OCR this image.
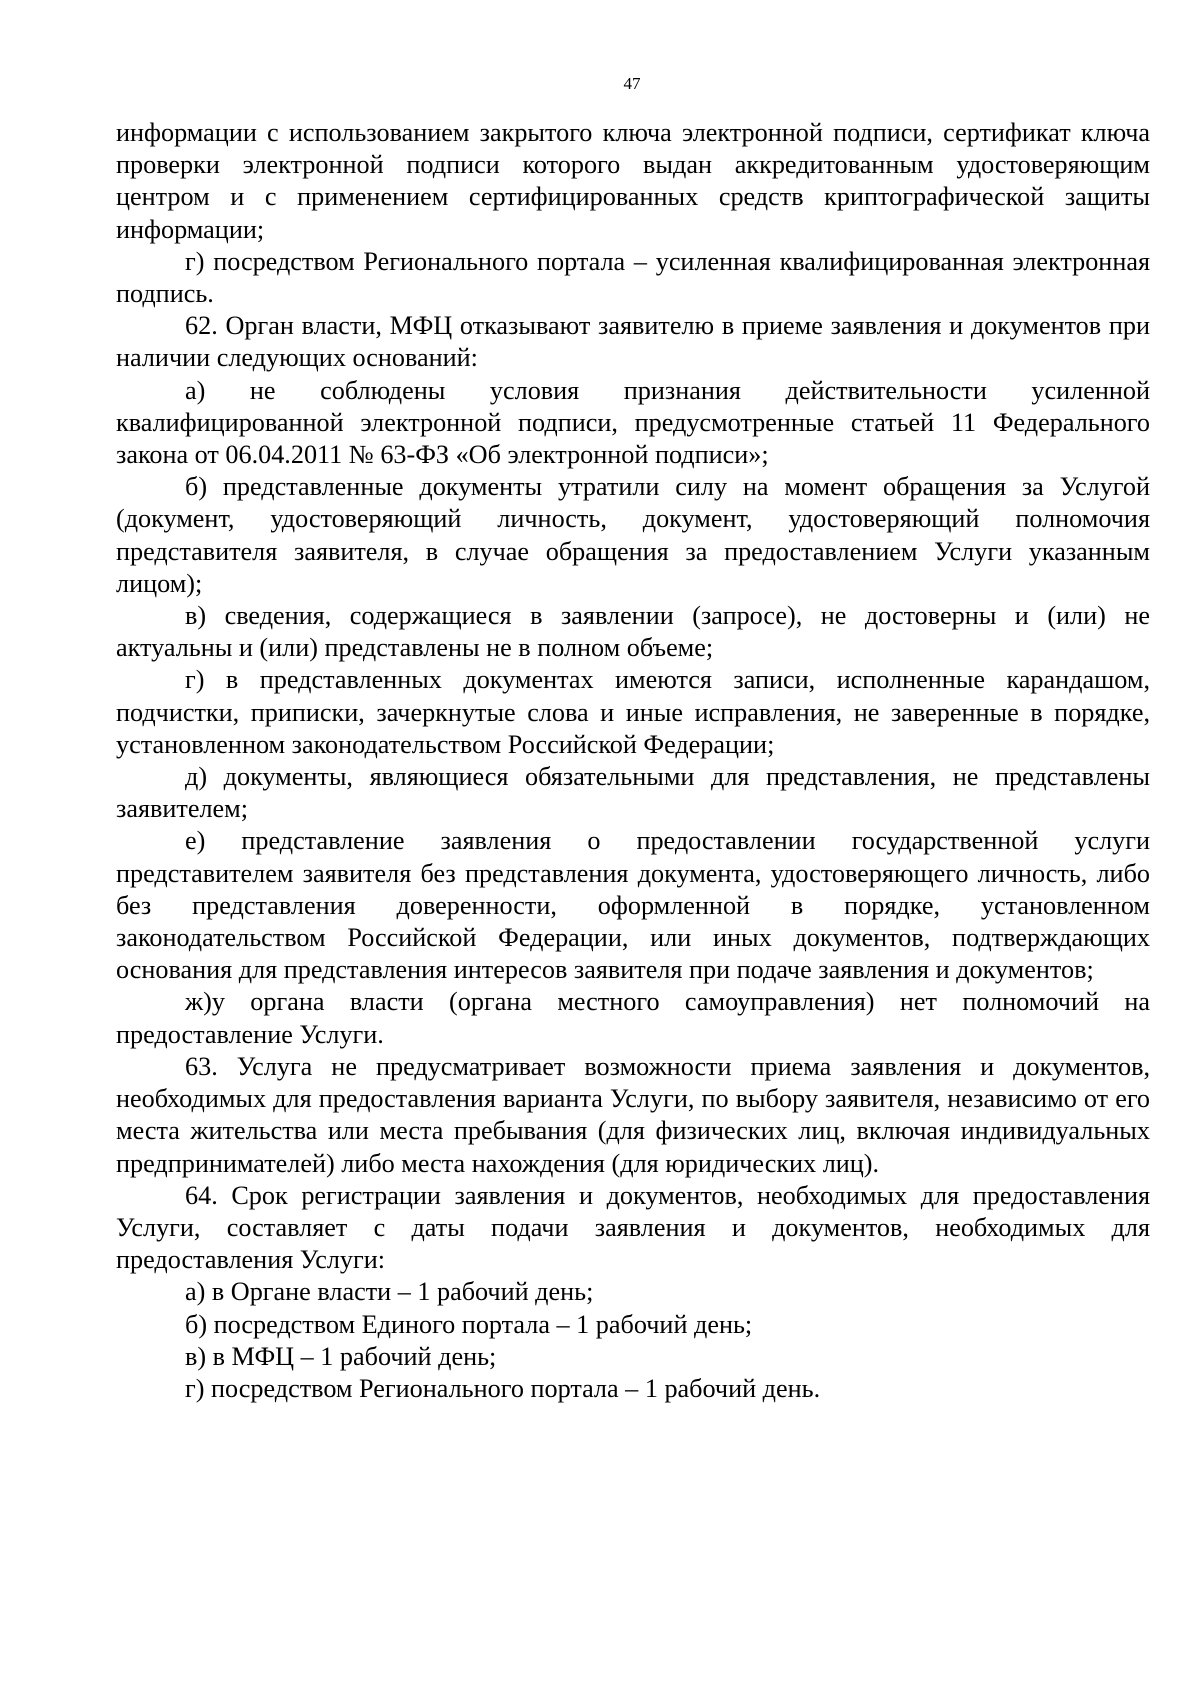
47

информации с использованием закрытого ключа электронной подписи, сертификат ключа проверки электронной подписи которого выдан аккредитованным удостоверяющим центром и с применением сертифицированных средств криптографической защиты информации;

г) посредством Регионального портала – усиленная квалифицированная электронная подпись.

62. Орган власти, МФЦ отказывают заявителю в приеме заявления и документов при наличии следующих оснований:

а) не соблюдены условия признания действительности усиленной квалифицированной электронной подписи, предусмотренные статьей 11 Федерального закона от 06.04.2011 № 63-ФЗ «Об электронной подписи»;

б) представленные документы утратили силу на момент обращения за Услугой (документ, удостоверяющий личность, документ, удостоверяющий полномочия представителя заявителя, в случае обращения за предоставлением Услуги указанным лицом);

в) сведения, содержащиеся в заявлении (запросе), не достоверны и (или) не актуальны и (или) представлены не в полном объеме;

г) в представленных документах имеются записи, исполненные карандашом, подчистки, приписки, зачеркнутые слова и иные исправления, не заверенные в порядке, установленном законодательством Российской Федерации;

д) документы, являющиеся обязательными для представления, не представлены заявителем;

е) представление заявления о предоставлении государственной услуги представителем заявителя без представления документа, удостоверяющего личность, либо без представления доверенности, оформленной в порядке, установленном законодательством Российской Федерации, или иных документов, подтверждающих основания для представления интересов заявителя при подаче заявления и документов;

ж)у органа власти (органа местного самоуправления) нет полномочий на предоставление Услуги.

63. Услуга не предусматривает возможности приема заявления и документов, необходимых для предоставления варианта Услуги, по выбору заявителя, независимо от его места жительства или места пребывания (для физических лиц, включая индивидуальных предпринимателей) либо места нахождения (для юридических лиц).

64. Срок регистрации заявления и документов, необходимых для предоставления Услуги, составляет с даты подачи заявления и документов, необходимых для предоставления Услуги:

а) в Органе власти – 1 рабочий день;

б) посредством Единого портала – 1 рабочий день;

в) в МФЦ – 1 рабочий день;

г) посредством Регионального портала – 1 рабочий день.
